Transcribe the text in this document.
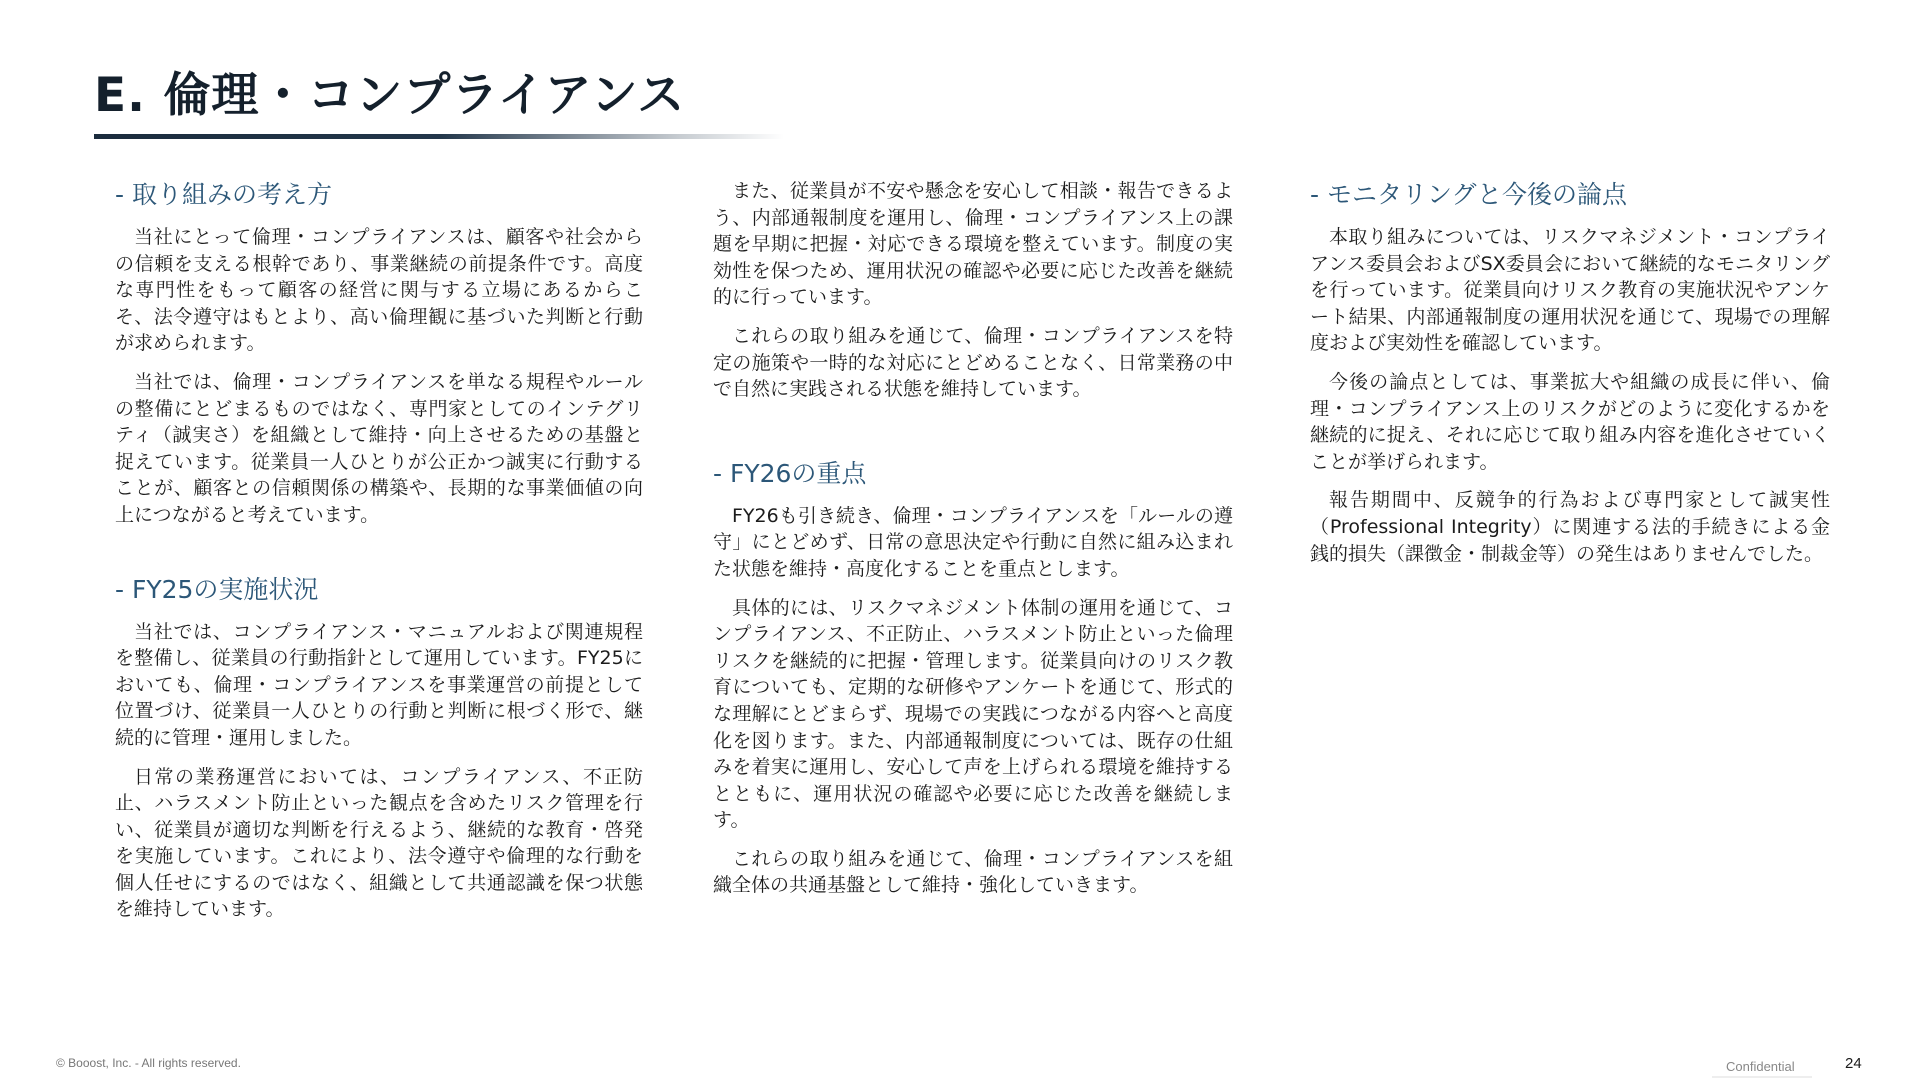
E. 倫理・コンプライアンス
- 取り組みの考え方

当社にとって倫理・コンプライアンスは、顧客や社会からの信頼を支える根幹であり、事業継続の前提条件です。高度な専門性をもって顧客の経営に関与する立場にあるからこそ、法令遵守はもとより、高い倫理観に基づいた判断と行動が求められます。

当社では、倫理・コンプライアンスを単なる規程やルールの整備にとどまるものではなく、専門家としてのインテグリティ（誠実さ）を組織として維持・向上させるための基盤と捉えています。従業員一人ひとりが公正かつ誠実に行動することが、顧客との信頼関係の構築や、長期的な事業価値の向上につながると考えています。

- FY25の実施状況

当社では、コンプライアンス・マニュアルおよび関連規程を整備し、従業員の行動指針として運用しています。FY25においても、倫理・コンプライアンスを事業運営の前提として位置づけ、従業員一人ひとりの行動と判断に根づく形で、継続的に管理・運用しました。

日常の業務運営においては、コンプライアンス、不正防止、ハラスメント防止といった観点を含めたリスク管理を行い、従業員が適切な判断を行えるよう、継続的な教育・啓発を実施しています。これにより、法令遵守や倫理的な行動を個人任せにするのではなく、組織として共通認識を保つ状態を維持しています。

また、従業員が不安や懸念を安心して相談・報告できるよう、内部通報制度を運用し、倫理・コンプライアンス上の課題を早期に把握・対応できる環境を整えています。制度の実効性を保つため、運用状況の確認や必要に応じた改善を継続的に行っています。

これらの取り組みを通じて、倫理・コンプライアンスを特定の施策や一時的な対応にとどめることなく、日常業務の中で自然に実践される状態を維持しています。

- FY26の重点

FY26も引き続き、倫理・コンプライアンスを「ルールの遵守」にとどめず、日常の意思決定や行動に自然に組み込まれた状態を維持・高度化することを重点とします。

具体的には、リスクマネジメント体制の運用を通じて、コンプライアンス、不正防止、ハラスメント防止といった倫理リスクを継続的に把握・管理します。従業員向けのリスク教育についても、定期的な研修やアンケートを通じて、形式的な理解にとどまらず、現場での実践につながる内容へと高度化を図ります。また、内部通報制度については、既存の仕組みを着実に運用し、安心して声を上げられる環境を維持するとともに、運用状況の確認や必要に応じた改善を継続します。

これらの取り組みを通じて、倫理・コンプライアンスを組織全体の共通基盤として維持・強化していきます。

- モニタリングと今後の論点

本取り組みについては、リスクマネジメント・コンプライアンス委員会およびSX委員会において継続的なモニタリングを行っています。従業員向けリスク教育の実施状況やアンケート結果、内部通報制度の運用状況を通じて、現場での理解度および実効性を確認しています。

今後の論点としては、事業拡大や組織の成長に伴い、倫理・コンプライアンス上のリスクがどのように変化するかを継続的に捉え、それに応じて取り組み内容を進化させていくことが挙げられます。

報告期間中、反競争的行為および専門家として誠実性（Professional Integrity）に関連する法的手続きによる金銭的損失（課徴金・制裁金等）の発生はありませんでした。

© Booost, Inc. - All rights reserved.	Confidential	24
